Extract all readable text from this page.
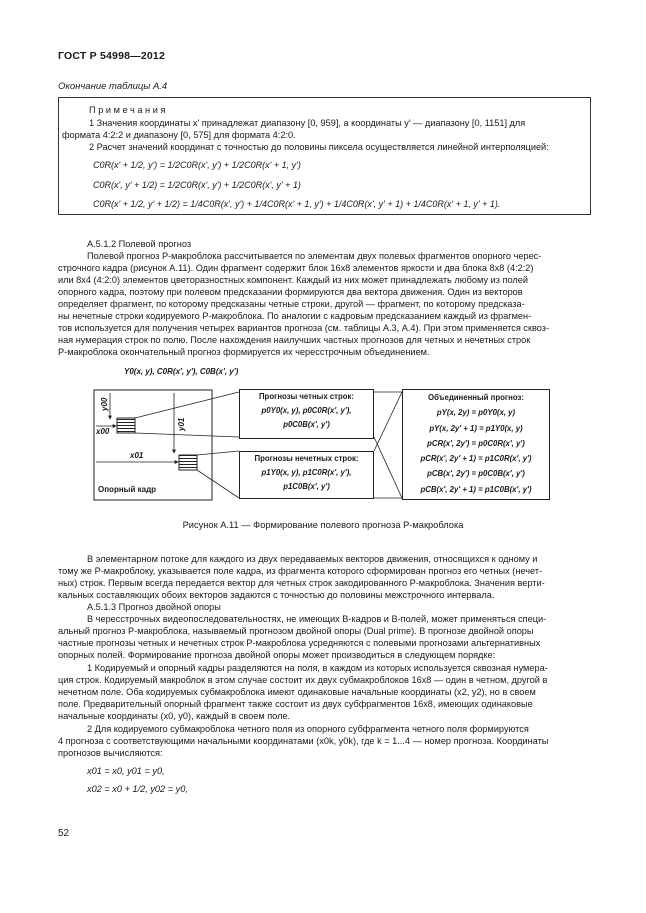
ГОСТ Р 54998—2012
Окончание таблицы А.4
Примечания
1 Значения координаты x' принадлежат диапазону [0, 959], а координаты y' — диапазону [0, 1151] для
формата 4:2:2 и диапазону [0, 575] для формата 4:2:0.
2 Расчет значений координат с точностью до половины пиксела осуществляется линейной интерполяцией:
C0R(x' + 1/2, y') = 1/2C0R(x', y') + 1/2C0R(x' + 1, y')
C0R(x', y' + 1/2) = 1/2C0R(x', y') + 1/2C0R(x', y' + 1)
C0R(x' + 1/2, y' + 1/2) = 1/4C0R(x', y') + 1/4C0R(x' + 1, y') + 1/4C0R(x', y' + 1) + 1/4C0R(x' + 1, y' + 1).
А.5.1.2 Полевой прогноз
Полевой прогноз P-макроблока рассчитывается по элементам двух полевых фрагментов опорного черес-
строчного кадра (рисунок А.11). Один фрагмент содержит блок 16x8 элементов яркости и два блока 8x8 (4:2:2)
или 8x4 (4:2:0) элементов цветоразностных компонент. Каждый из них может принадлежать любому из полей
опорного кадра, поэтому при полевом предсказании формируются два вектора движения. Один из векторов
определяет фрагмент, по которому предсказаны четные строки, другой — фрагмент, по которому предсказа-
ны нечетные строки кодируемого P-макроблока. По аналогии с кадровым предсказанием каждый из фрагмен-
тов используется для получения четырех вариантов прогноза (см. таблицы А.3, А.4). При этом применяется сквоз-
ная нумерация строк по полю. После нахождения наилучших частных прогнозов для четных и нечетных строк
P-макроблока окончательный прогноз формируется их чересстрочным объединением.
Y0(x, y), C0R(x', y'), C0B(x', y')
y00
x00
y01
x01
Опорный кадр
Прогнозы четных строк:
p0Y0(x, y), p0C0R(x', y'),
p0C0B(x', y')
Прогнозы нечетных строк:
p1Y0(x, y), p1C0R(x', y'),
p1C0B(x', y')
Объединенный прогноз:
pY(x, 2y) = p0Y0(x, y)
pY(x, 2y' + 1) = p1Y0(x, y)
pCR(x', 2y') = p0C0R(x', y')
pCR(x', 2y' + 1) = p1C0R(x', y')
pCB(x', 2y') = p0C0B(x', y')
pCB(x', 2y' + 1) = p1C0B(x', y')
Рисунок А.11 — Формирование полевого прогноза P-макроблока
В элементарном потоке для каждого из двух передаваемых векторов движения, относящихся к одному и
тому же P-макроблоку, указывается поле кадра, из фрагмента которого сформирован прогноз его четных (нечет-
ных) строк. Первым всегда передается вектор для четных строк закодированного P-макроблока. Значения верти-
кальных составляющих обоих векторов задаются с точностью до половины межстрочного интервала.
А.5.1.3 Прогноз двойной опоры
В чересстрочных видеопоследовательностях, не имеющих B-кадров и B-полей, может применяться специ-
альный прогноз P-макроблока, называемый прогнозом двойной опоры (Dual prime). В прогнозе двойной опоры
частные прогнозы четных и нечетных строк P-макроблока усредняются с полевыми прогнозами альтернативных
опорных полей. Формирование прогноза двойной опоры может производиться в следующем порядке:
1 Кодируемый и опорный кадры разделяются на поля, в каждом из которых используется сквозная нумера-
ция строк. Кодируемый макроблок в этом случае состоит их двух субмакроблоков 16x8 — один в четном, другой в
нечетном поле. Оба кодируемых субмакроблока имеют одинаковые начальные координаты (x2, y2), но в своем
поле. Предварительный опорный фрагмент также состоит из двух субфрагментов 16x8, имеющих одинаковые
начальные координаты (x0, y0), каждый в своем поле.
2 Для кодируемого субмакроблока четного поля из опорного субфрагмента четного поля формируются
4 прогноза с соответствующими начальными координатами (x0k, y0k), где k = 1...4 — номер прогноза. Координаты
прогнозов вычисляются:
x01 = x0, y01 = y0,
x02 = x0 + 1/2, y02 = y0,
52
